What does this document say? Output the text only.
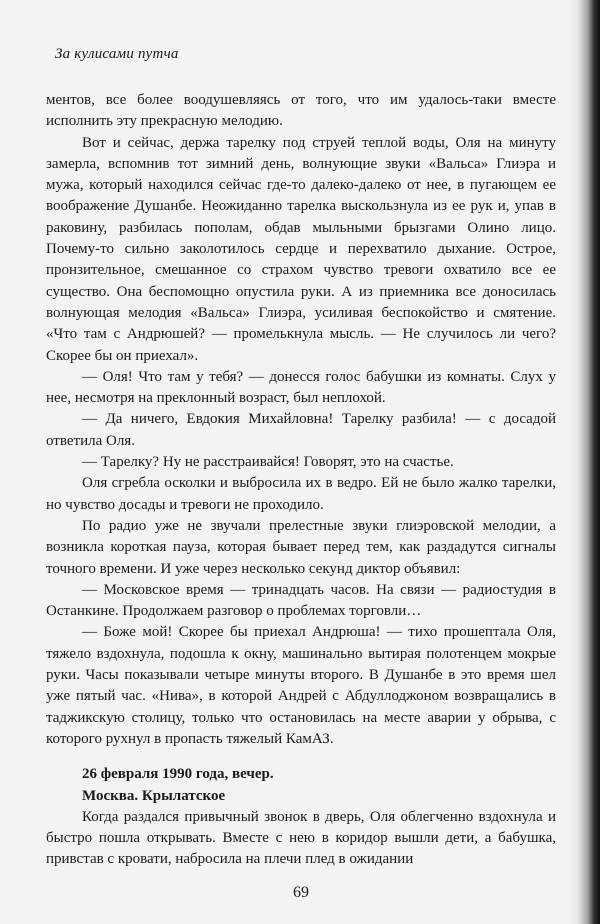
За кулисами путча

ментов, все более воодушевляясь от того, что им удалось-таки вместе исполнить эту прекрасную мелодию.

Вот и сейчас, держа тарелку под струей теплой воды, Оля на минуту замерла, вспомнив тот зимний день, волнующие звуки «Вальса» Глиэра и мужа, который находился сейчас где-то далеко-далеко от нее, в пугающем ее воображение Душанбе. Неожиданно тарелка выскользнула из ее рук и, упав в раковину, разбилась пополам, обдав мыльными брызгами Олино лицо. Почему-то сильно заколотилось сердце и перехватило дыхание. Острое, пронзительное, смешанное со страхом чувство тревоги охватило все ее существо. Она беспомощно опустила руки. А из приемника все доносилась волнующая мелодия «Вальса» Глиэра, усиливая беспокойство и смятение. «Что там с Андрюшей? — промелькнула мысль. — Не случилось ли чего? Скорее бы он приехал».

— Оля! Что там у тебя? — донесся голос бабушки из комнаты. Слух у нее, несмотря на преклонный возраст, был неплохой.

— Да ничего, Евдокия Михайловна! Тарелку разбила! — с досадой ответила Оля.

— Тарелку? Ну не расстраивайся! Говорят, это на счастье.

Оля сгребла осколки и выбросила их в ведро. Ей не было жалко тарелки, но чувство досады и тревоги не проходило.

По радио уже не звучали прелестные звуки глиэровской мелодии, а возникла короткая пауза, которая бывает перед тем, как раздадутся сигналы точного времени. И уже через несколько секунд диктор объявил:

— Московское время — тринадцать часов. На связи — радиостудия в Останкине. Продолжаем разговор о проблемах торговли…

— Боже мой! Скорее бы приехал Андрюша! — тихо прошептала Оля, тяжело вздохнула, подошла к окну, машинально вытирая полотенцем мокрые руки. Часы показывали четыре минуты второго. В Душанбе в это время шел уже пятый час. «Нива», в которой Андрей с Абдуллоджоном возвращались в таджикскую столицу, только что остановилась на месте аварии у обрыва, с которого рухнул в пропасть тяжелый КамАЗ.

26 февраля 1990 года, вечер.

Москва. Крылатское

Когда раздался привычный звонок в дверь, Оля облегченно вздохнула и быстро пошла открывать. Вместе с нею в коридор вышли дети, а бабушка, привстав с кровати, набросила на плечи плед в ожидании

69
